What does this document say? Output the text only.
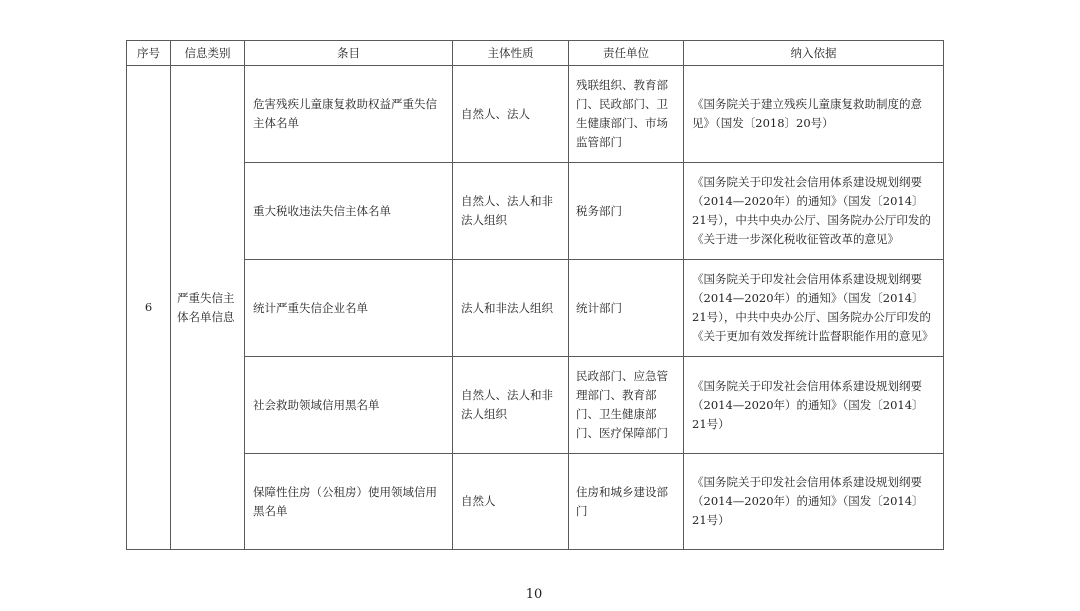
序号	信息类别	条目	主体性质	责任单位	纳入依据
6	严重失信主体名单信息	危害残疾儿童康复救助权益严重失信主体名单	自然人、法人	残联组织、教育部门、民政部门、卫生健康部门、市场监管部门	《国务院关于建立残疾儿童康复救助制度的意见》（国发〔2018〕20号）
		重大税收违法失信主体名单	自然人、法人和非法人组织	税务部门	《国务院关于印发社会信用体系建设规划纲要（2014—2020年）的通知》（国发〔2014〕21号），中共中央办公厅、国务院办公厅印发的《关于进一步深化税收征管改革的意见》
		统计严重失信企业名单	法人和非法人组织	统计部门	《国务院关于印发社会信用体系建设规划纲要（2014—2020年）的通知》（国发〔2014〕21号），中共中央办公厅、国务院办公厅印发的《关于更加有效发挥统计监督职能作用的意见》
		社会救助领域信用黑名单	自然人、法人和非法人组织	民政部门、应急管理部门、教育部门、卫生健康部门、医疗保障部门	《国务院关于印发社会信用体系建设规划纲要（2014—2020年）的通知》（国发〔2014〕21号）
		保障性住房（公租房）使用领域信用黑名单	自然人	住房和城乡建设部门	《国务院关于印发社会信用体系建设规划纲要（2014—2020年）的通知》（国发〔2014〕21号）
10
